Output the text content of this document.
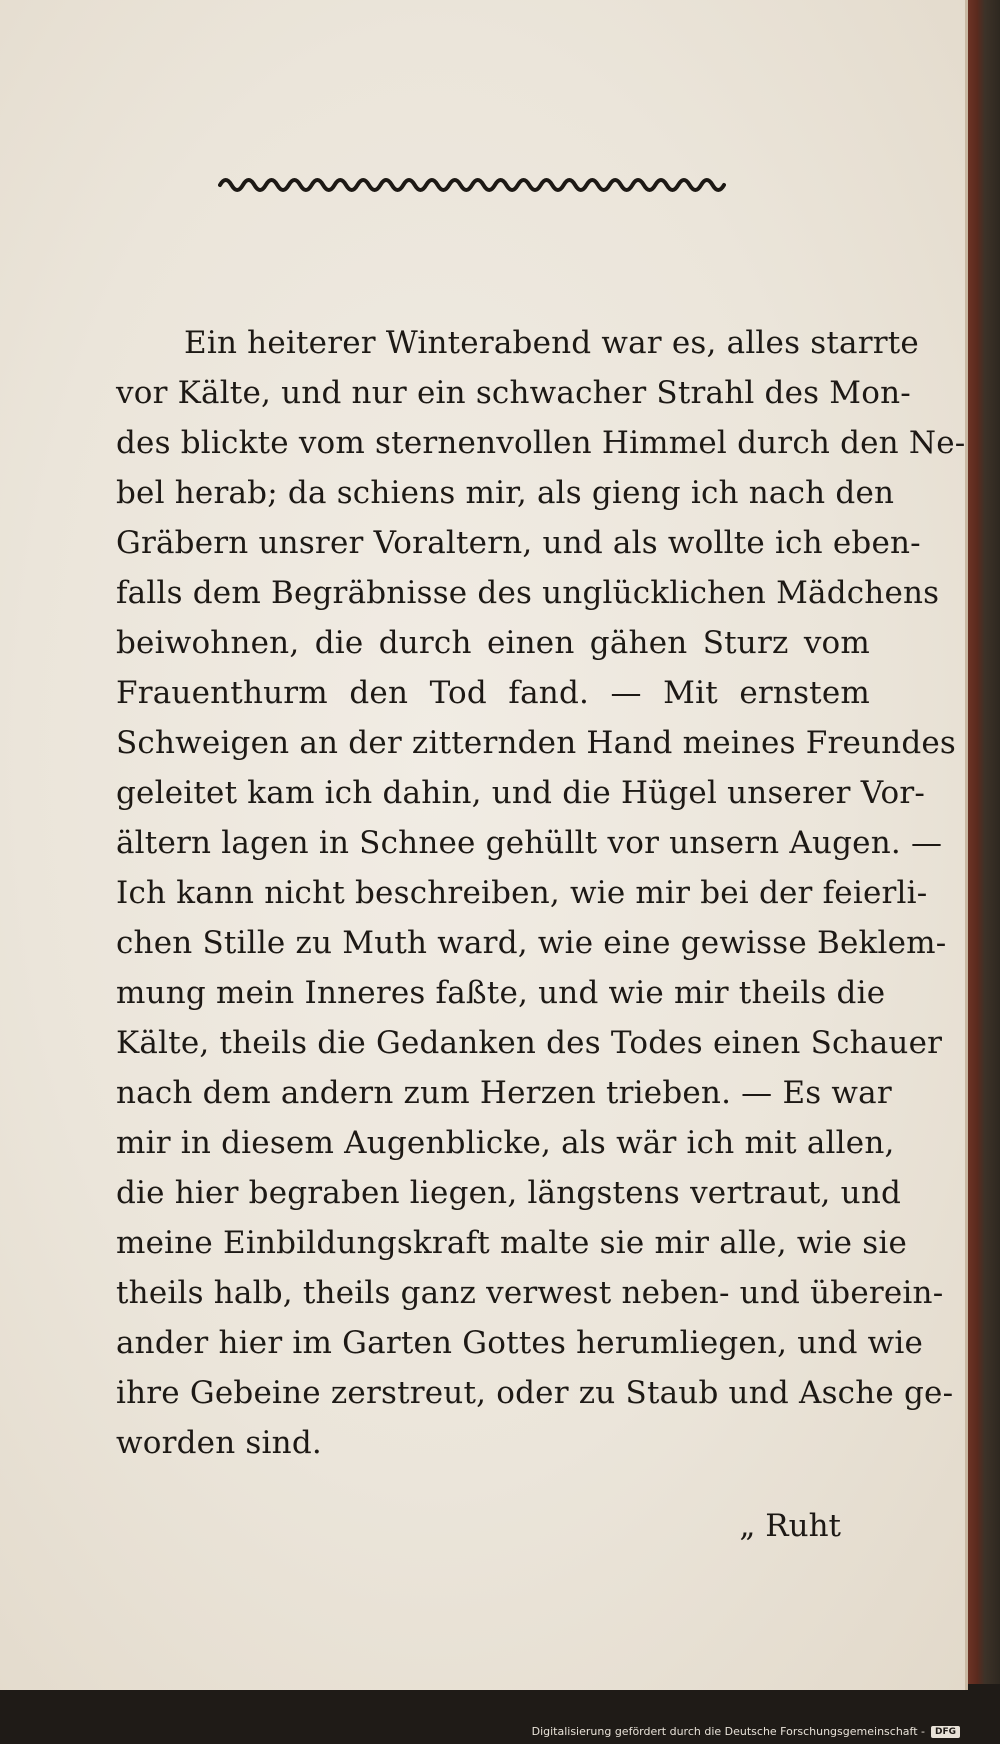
Ein heiterer Winterabend war es, alles starrte
vor Kälte, und nur ein schwacher Strahl des Mon-
des blickte vom sternenvollen Himmel durch den Ne-
bel herab; da schiens mir, als gieng ich nach den
Gräbern unsrer Voraltern, und als wollte ich eben-
falls dem Begräbnisse des unglücklichen Mädchens
beiwohnen, die durch einen gähen Sturz vom
Frauenthurm den Tod fand. — Mit ernstem
Schweigen an der zitternden Hand meines Freundes
geleitet kam ich dahin, und die Hügel unserer Vor-
ältern lagen in Schnee gehüllt vor unsern Augen. —
Ich kann nicht beschreiben, wie mir bei der feierli-
chen Stille zu Muth ward, wie eine gewisse Beklem-
mung mein Inneres faßte, und wie mir theils die
Kälte, theils die Gedanken des Todes einen Schauer
nach dem andern zum Herzen trieben. — Es war
mir in diesem Augenblicke, als wär ich mit allen,
die hier begraben liegen, längstens vertraut, und
meine Einbildungskraft malte sie mir alle, wie sie
theils halb, theils ganz verwest neben- und überein-
ander hier im Garten Gottes herumliegen, und wie
ihre Gebeine zerstreut, oder zu Staub und Asche ge-
worden sind.
„ Ruht
Digitalisierung gefördert durch die Deutsche Forschungsgemeinschaft -	DFG
